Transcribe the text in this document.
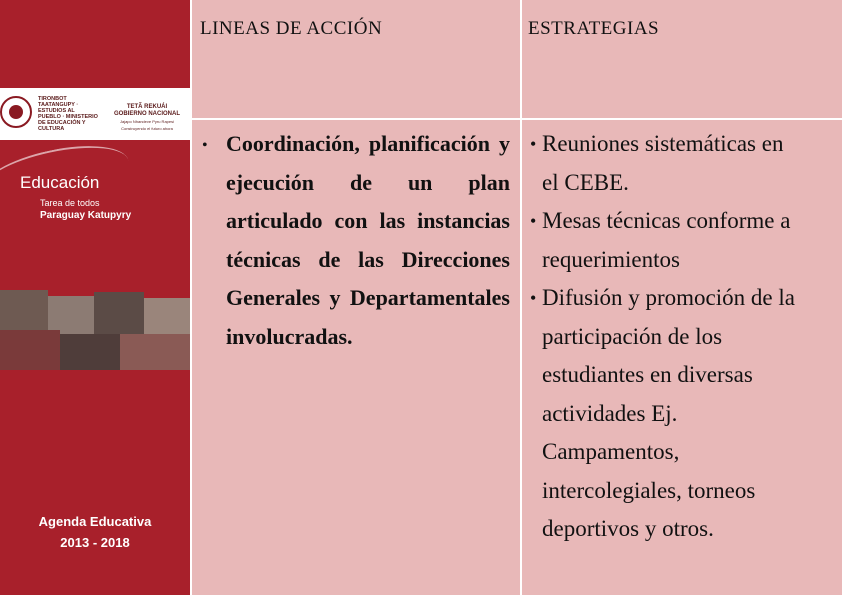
TIRONBOT TAATANGUPY · ESTUDIOS AL PUEBLO · MINISTERIO DE EDUCACIÓN Y CULTURA
TETÃ REKUÁI
GOBIERNO NACIONAL
Jajapo Nhandeve Pyru Rapesi
Construyendo el futuro ahora
Educación
Tarea de todos
Paraguay Katupyry
Agenda Educativa
2013 - 2018
LINEAS DE ACCIÓN	ESTRATEGIAS
• Coordinación, planificación y ejecución de un plan articulado con las instancias técnicas de las Direcciones Generales y Departamentales involucradas.
• Reuniones sistemáticas en
el CEBE.
• Mesas técnicas conforme a
requerimientos
• Difusión y promoción de la
participación de los
estudiantes en diversas
actividades Ej.
Campamentos,
intercolegiales, torneos
deportivos y otros.
